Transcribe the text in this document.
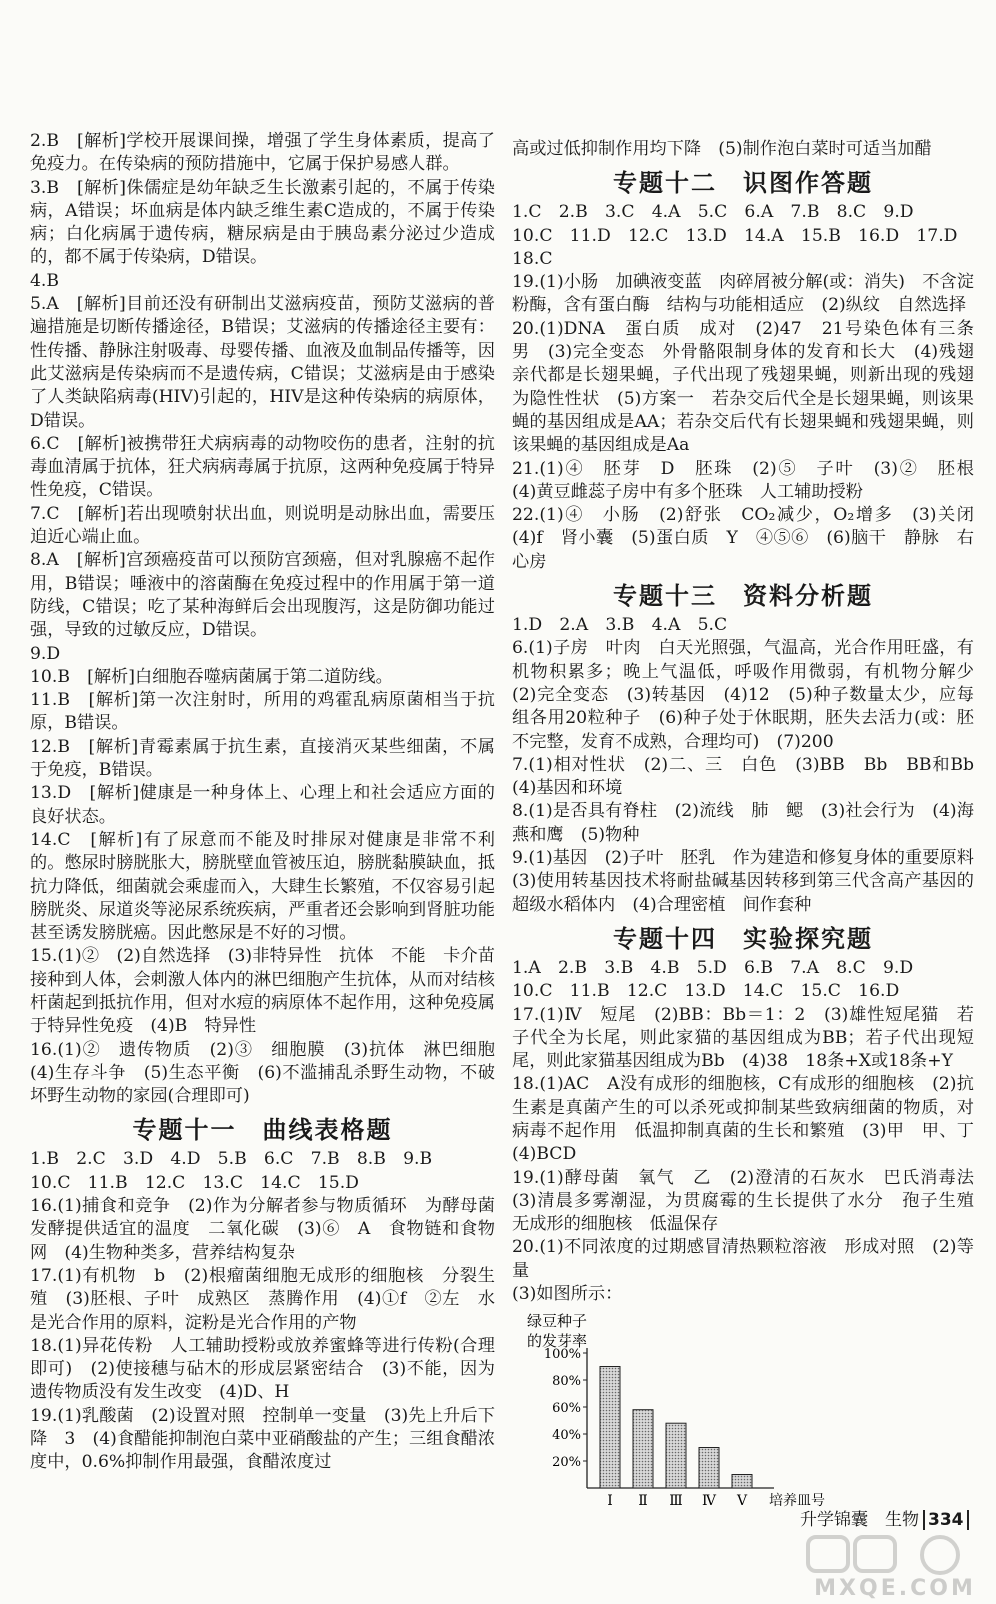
2.B　[解析]学校开展课间操，增强了学生身体素质，提高了免疫力。在传染病的预防措施中，它属于保护易感人群。

3.B　[解析]侏儒症是幼年缺乏生长激素引起的，不属于传染病，A错误；坏血病是体内缺乏维生素C造成的，不属于传染病；白化病属于遗传病，糖尿病是由于胰岛素分泌过少造成的，都不属于传染病，D错误。

4.B

5.A　[解析]目前还没有研制出艾滋病疫苗，预防艾滋病的普遍措施是切断传播途径，B错误；艾滋病的传播途径主要有：性传播、静脉注射吸毒、母婴传播、血液及血制品传播等，因此艾滋病是传染病而不是遗传病，C错误；艾滋病是由于感染了人类缺陷病毒(HIV)引起的，HIV是这种传染病的病原体，D错误。

6.C　[解析]被携带狂犬病病毒的动物咬伤的患者，注射的抗毒血清属于抗体，狂犬病病毒属于抗原，这两种免疫属于特异性免疫，C错误。

7.C　[解析]若出现喷射状出血，则说明是动脉出血，需要压迫近心端止血。

8.A　[解析]宫颈癌疫苗可以预防宫颈癌，但对乳腺癌不起作用，B错误；唾液中的溶菌酶在免疫过程中的作用属于第一道防线，C错误；吃了某种海鲜后会出现腹泻，这是防御功能过强，导致的过敏反应，D错误。

9.D

10.B　[解析]白细胞吞噬病菌属于第二道防线。

11.B　[解析]第一次注射时，所用的鸡霍乱病原菌相当于抗原，B错误。

12.B　[解析]青霉素属于抗生素，直接消灭某些细菌，不属于免疫，B错误。

13.D　[解析]健康是一种身体上、心理上和社会适应方面的良好状态。

14.C　[解析]有了尿意而不能及时排尿对健康是非常不利的。憋尿时膀胱胀大，膀胱壁血管被压迫，膀胱黏膜缺血，抵抗力降低，细菌就会乘虚而入，大肆生长繁殖，不仅容易引起膀胱炎、尿道炎等泌尿系统疾病，严重者还会影响到肾脏功能甚至诱发膀胱癌。因此憋尿是不好的习惯。

15.(1)②　(2)自然选择　(3)非特异性　抗体　不能　卡介苗接种到人体，会刺激人体内的淋巴细胞产生抗体，从而对结核杆菌起到抵抗作用，但对水痘的病原体不起作用，这种免疫属于特异性免疫　(4)B　特异性

16.(1)②　遗传物质　(2)③　细胞膜　(3)抗体　淋巴细胞　(4)生存斗争　(5)生态平衡　(6)不滥捕乱杀野生动物，不破坏野生动物的家园(合理即可)

专题十一　曲线表格题

1.B　2.C　3.D　4.D　5.B　6.C　7.B　8.B　9.B

10.C　11.B　12.C　13.C　14.C　15.D

16.(1)捕食和竞争　(2)作为分解者参与物质循环　为酵母菌发酵提供适宜的温度　二氧化碳　(3)⑥　A　食物链和食物网　(4)生物种类多，营养结构复杂

17.(1)有机物　b　(2)根瘤菌细胞无成形的细胞核　分裂生殖　(3)胚根、子叶　成熟区　蒸腾作用　(4)①f　②左　水是光合作用的原料，淀粉是光合作用的产物

18.(1)异花传粉　人工辅助授粉或放养蜜蜂等进行传粉(合理即可)　(2)使接穗与砧木的形成层紧密结合　(3)不能，因为遗传物质没有发生改变　(4)D、H

19.(1)乳酸菌　(2)设置对照　控制单一变量　(3)先上升后下降　3　(4)食醋能抑制泡白菜中亚硝酸盐的产生；三组食醋浓度中，0.6%抑制作用最强，食醋浓度过

高或过低抑制作用均下降　(5)制作泡白菜时可适当加醋

专题十二　识图作答题

1.C　2.B　3.C　4.A　5.C　6.A　7.B　8.C　9.D

10.C　11.D　12.C　13.D　14.A　15.B　16.D　17.D

18.C

19.(1)小肠　加碘液变蓝　肉碎屑被分解(或：消失)　不含淀粉酶，含有蛋白酶　结构与功能相适应　(2)纵纹　自然选择

20.(1)DNA　蛋白质　成对　(2)47　21号染色体有三条　男　(3)完全变态　外骨骼限制身体的发育和长大　(4)残翅　亲代都是长翅果蝇，子代出现了残翅果蝇，则新出现的残翅为隐性性状　(5)方案一　若杂交后代全是长翅果蝇，则该果蝇的基因组成是AA；若杂交后代有长翅果蝇和残翅果蝇，则该果蝇的基因组成是Aa

21.(1)④　胚芽　D　胚珠　(2)⑤　子叶　(3)②　胚根　(4)黄豆雌蕊子房中有多个胚珠　人工辅助授粉

22.(1)④　小肠　(2)舒张　CO₂减少，O₂增多　(3)关闭　(4)f　肾小囊　(5)蛋白质　Y　④⑤⑥　(6)脑干　静脉　右心房

专题十三　资料分析题

1.D　2.A　3.B　4.A　5.C

6.(1)子房　叶肉　白天光照强，气温高，光合作用旺盛，有机物积累多；晚上气温低，呼吸作用微弱，有机物分解少　(2)完全变态　(3)转基因　(4)12　(5)种子数量太少，应每组各用20粒种子　(6)种子处于休眠期，胚失去活力(或：胚不完整，发育不成熟，合理均可)　(7)200

7.(1)相对性状　(2)二、三　白色　(3)BB　Bb　BB和Bb　(4)基因和环境

8.(1)是否具有脊柱　(2)流线　肺　鳃　(3)社会行为　(4)海燕和鹰　(5)物种

9.(1)基因　(2)子叶　胚乳　作为建造和修复身体的重要原料　(3)使用转基因技术将耐盐碱基因转移到第三代含高产基因的超级水稻体内　(4)合理密植　间作套种

专题十四　实验探究题

1.A　2.B　3.B　4.B　5.D　6.B　7.A　8.C　9.D

10.C　11.B　12.C　13.D　14.C　15.C　16.D

17.(1)Ⅳ　短尾　(2)BB：Bb＝1：2　(3)雄性短尾猫　若子代全为长尾，则此家猫的基因组成为BB；若子代出现短尾，则此家猫基因组成为Bb　(4)38　18条+X或18条+Y

18.(1)AC　A没有成形的细胞核，C有成形的细胞核　(2)抗生素是真菌产生的可以杀死或抑制某些致病细菌的物质，对病毒不起作用　低温抑制真菌的生长和繁殖　(3)甲　甲、丁　(4)BCD

19.(1)酵母菌　氧气　乙　(2)澄清的石灰水　巴氏消毒法　(3)清晨多雾潮湿，为贯腐霉的生长提供了水分　孢子生殖　无成形的细胞核　低温保存

20.(1)不同浓度的过期感冒清热颗粒溶液　形成对照　(2)等量

(3)如图所示：

绿豆种子
的发芽率
20%
40%
60%
80%
100%
Ⅰ Ⅱ Ⅲ Ⅳ Ⅴ 培养皿号
升学锦囊　生物 334
MXQE.COM
